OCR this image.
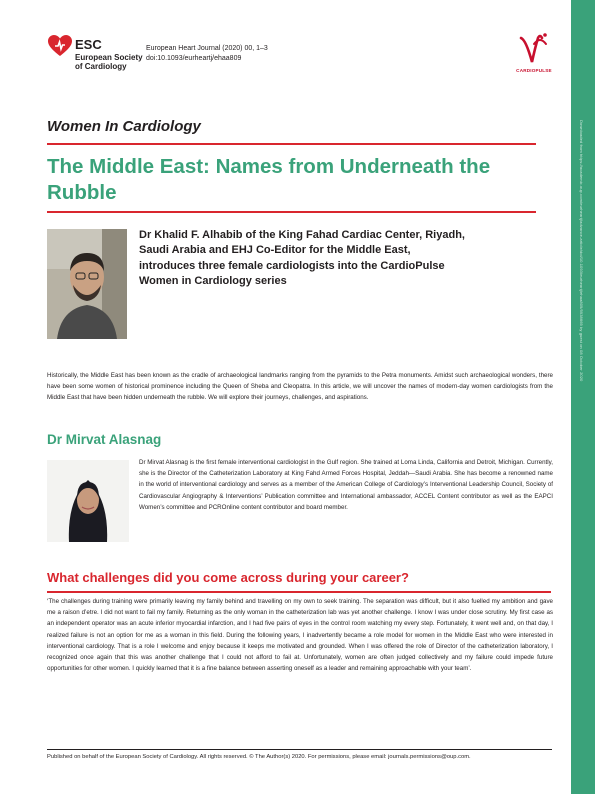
Downloaded from https://academic.oup.com/eurheartj/advance-article/doi/10.1093/eurheartj/ehaa809/5938669 by guest on 08 October 2020
ESC
European Society of Cardiology
European Heart Journal (2020) 00, 1–3
doi:10.1093/eurheartj/ehaa809
CARDIOPULSE
Women In Cardiology
The Middle East: Names from Underneath the Rubble
Dr Khalid F. Alhabib of the King Fahad Cardiac Center, Riyadh, Saudi Arabia and EHJ Co-Editor for the Middle East, introduces three female cardiologists into the CardioPulse Women in Cardiology series
Historically, the Middle East has been known as the cradle of archaeological landmarks ranging from the pyramids to the Petra monuments. Amidst such archaeological wonders, there have been some women of historical prominence including the Queen of Sheba and Cleopatra. In this article, we will uncover the names of modern-day women cardiologists from the Middle East that have been hidden underneath the rubble. We will explore their journeys, challenges, and aspirations.
Dr Mirvat Alasnag
Dr Mirvat Alasnag is the first female interventional cardiologist in the Gulf region. She trained at Loma Linda, California and Detroit, Michigan. Currently, she is the Director of the Catheterization Laboratory at King Fahd Armed Forces Hospital, Jeddah—Saudi Arabia. She has become a renowned name in the world of interventional cardiology and serves as a member of the American College of Cardiology’s Interventional Leadership Council, Society of Cardiovascular Angiography & Interventions’ Publication committee and International ambassador, ACCEL Content contributor as well as the EAPCI Women’s committee and PCROnline content contributor and board member.
What challenges did you come across during your career?
‘The challenges during training were primarily leaving my family behind and travelling on my own to seek training. The separation was difficult, but it also fuelled my ambition and gave me a raison d’etre. I did not want to fail my family. Returning as the only woman in the catheterization lab was yet another challenge. I know I was under close scrutiny. My first case as an independent operator was an acute inferior myocardial infarction, and I had five pairs of eyes in the control room watching my every step. Fortunately, it went well and, on that day, I realized failure is not an option for me as a woman in this field. During the following years, I inadvertently became a role model for women in the Middle East who were interested in interventional cardiology. That is a role I welcome and enjoy because it keeps me motivated and grounded. When I was offered the role of Director of the catheterization laboratory, I recognized once again that this was another challenge that I could not afford to fail at. Unfortunately, women are often judged collectively and my failure could impede future opportunities for other women. I quickly learned that it is a fine balance between asserting oneself as a leader and remaining approachable with your team’.
Published on behalf of the European Society of Cardiology. All rights reserved. © The Author(s) 2020. For permissions, please email: journals.permissions@oup.com.
